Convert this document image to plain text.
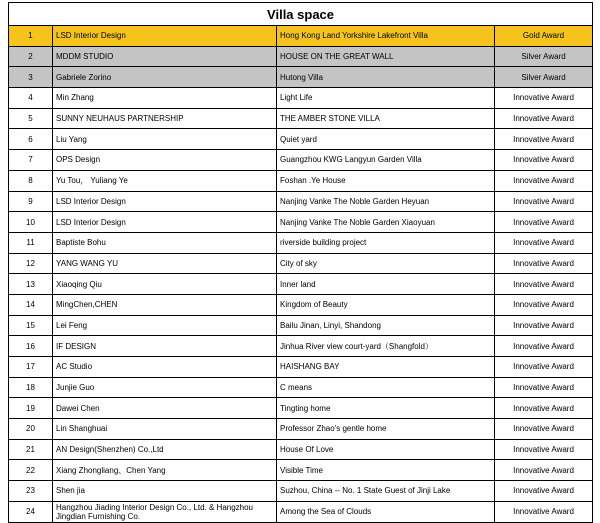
Villa space			
1	LSD Interior Design	Hong Kong Land Yorkshire Lakefront Villa	Gold Award
2	MDDM STUDIO	HOUSE ON THE GREAT WALL	Silver Award
3	Gabriele Zorino	Hutong Villa	Silver Award
4	Min Zhang	Light Life	Innovative Award
5	SUNNY NEUHAUS PARTNERSHIP	THE AMBER STONE VILLA	Innovative Award
6	Liu Yang	Quiet yard	Innovative Award
7	OPS Design	Guangzhou KWG Langyun Garden Villa	Innovative Award
8	Yu Tou， Yuliang Ye	Foshan .Ye House	Innovative Award
9	LSD Interior Design	Nanjing Vanke The Noble Garden Heyuan	Innovative Award
10	LSD Interior Design	Nanjing Vanke The Noble Garden Xiaoyuan	Innovative Award
11	Baptiste Bohu	riverside building project	Innovative Award
12	YANG WANG YU	City of sky	Innovative Award
13	Xiaoqing Qiu	Inner land	Innovative Award
14	MingChen,CHEN	Kingdom of Beauty	Innovative Award
15	Lei Feng	Bailu Jinan, Linyi, Shandong	Innovative Award
16	IF DESIGN	Jinhua River view court-yard（Shangfold）	Innovative Award
17	AC Studio	HAISHANG BAY	Innovative Award
18	Junjie Guo	C means	Innovative Award
19	Dawei Chen	Tingting home	Innovative Award
20	Lin Shanghuai	Professor Zhao's gentle home	Innovative Award
21	AN Design(Shenzhen) Co.,Ltd	House Of Love	Innovative Award
22	Xiang Zhongliang、Chen Yang	Visible Time	Innovative Award
23	Shen jia	Suzhou, China -- No. 1 State Guest of Jinji Lake	Innovative Award
24	Hangzhou Jiading Interior Design Co., Ltd. & Hangzhou Jingdian Furnishing Co.	Among the Sea of Clouds	Innovative Award
